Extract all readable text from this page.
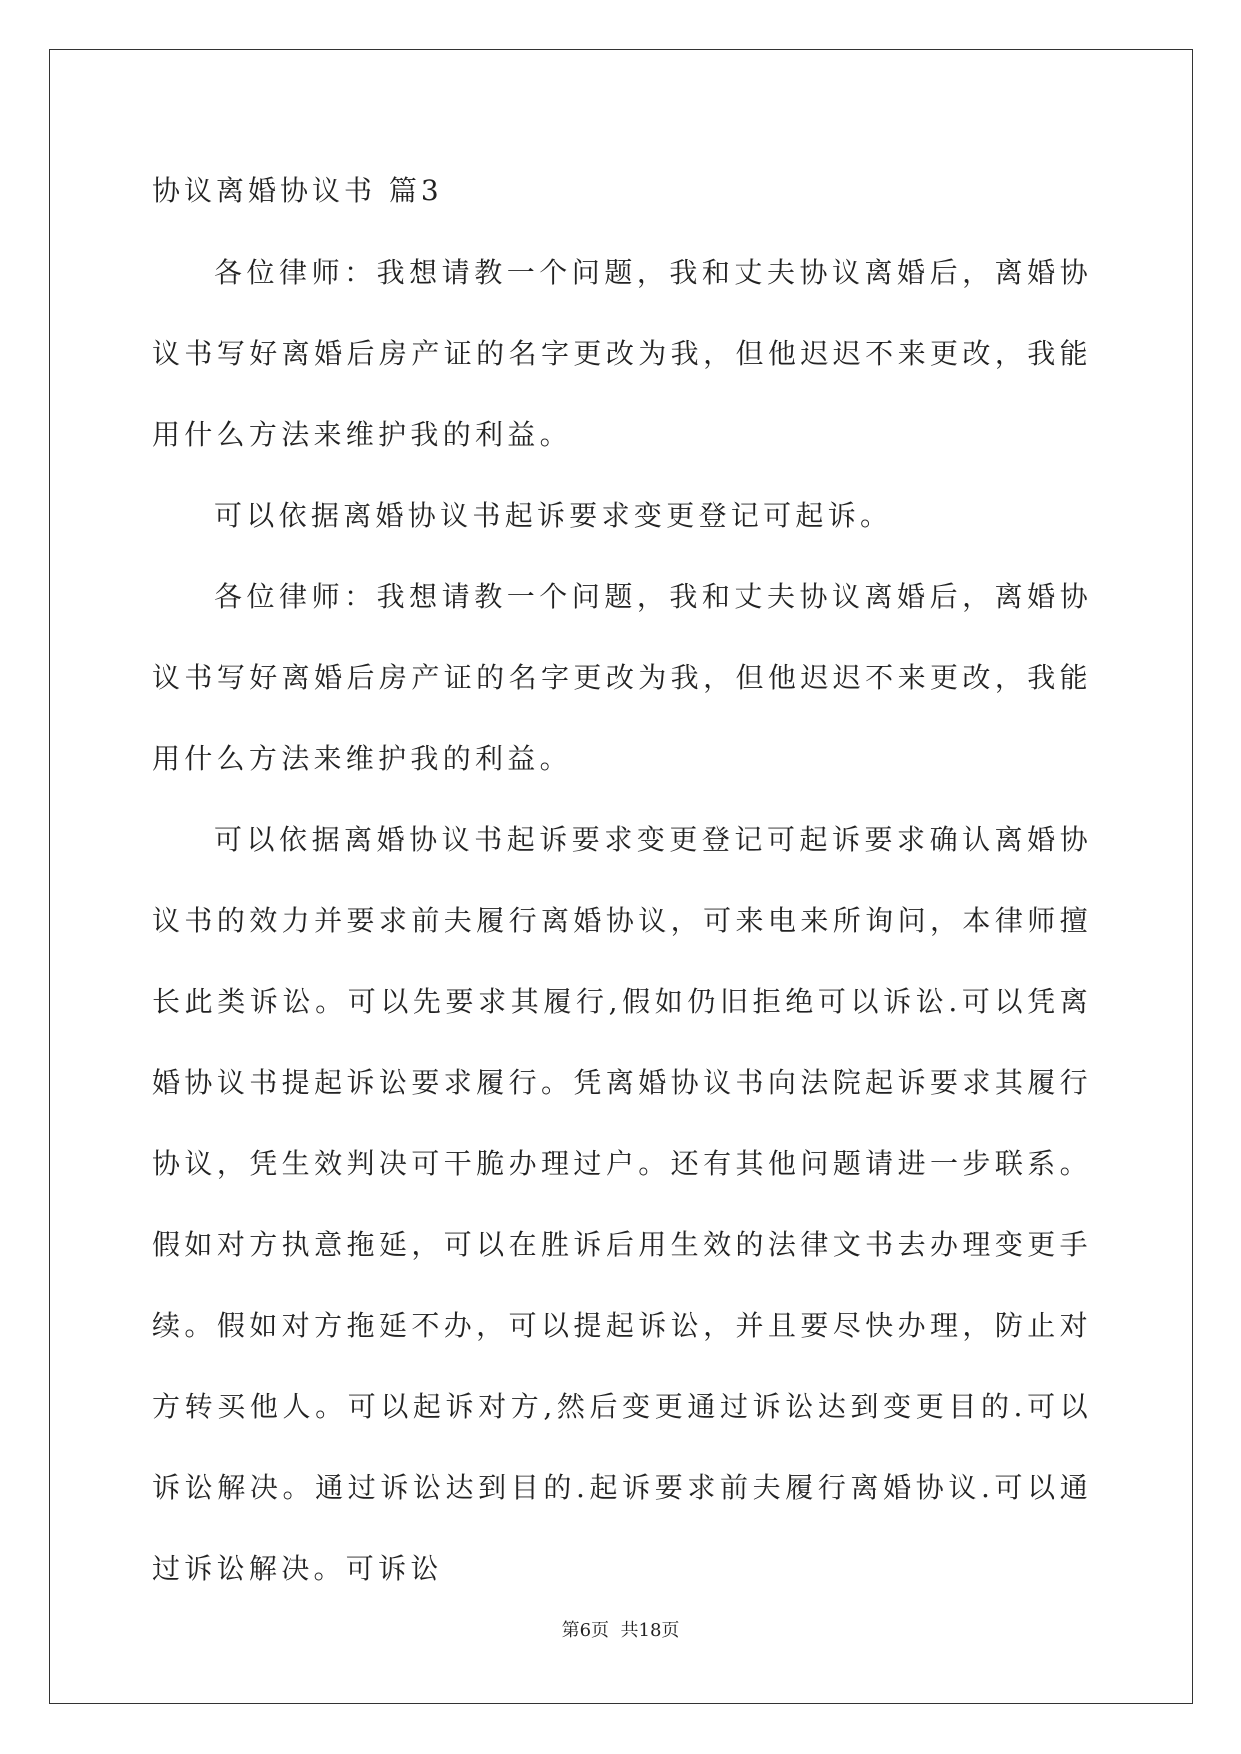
协议离婚协议书 篇3

各位律师：我想请教一个问题，我和丈夫协议离婚后，离婚协议书写好离婚后房产证的名字更改为我，但他迟迟不来更改，我能用什么方法来维护我的利益。

可以依据离婚协议书起诉要求变更登记可起诉。

各位律师：我想请教一个问题，我和丈夫协议离婚后，离婚协议书写好离婚后房产证的名字更改为我，但他迟迟不来更改，我能用什么方法来维护我的利益。

可以依据离婚协议书起诉要求变更登记可起诉要求确认离婚协议书的效力并要求前夫履行离婚协议，可来电来所询问，本律师擅长此类诉讼。可以先要求其履行,假如仍旧拒绝可以诉讼.可以凭离婚协议书提起诉讼要求履行。凭离婚协议书向法院起诉要求其履行协议，凭生效判决可干脆办理过户。还有其他问题请进一步联系。假如对方执意拖延，可以在胜诉后用生效的法律文书去办理变更手续。假如对方拖延不办，可以提起诉讼，并且要尽快办理，防止对方转买他人。可以起诉对方,然后变更通过诉讼达到变更目的.可以诉讼解决。通过诉讼达到目的.起诉要求前夫履行离婚协议.可以通过诉讼解决。可诉讼

第6页  共18页
